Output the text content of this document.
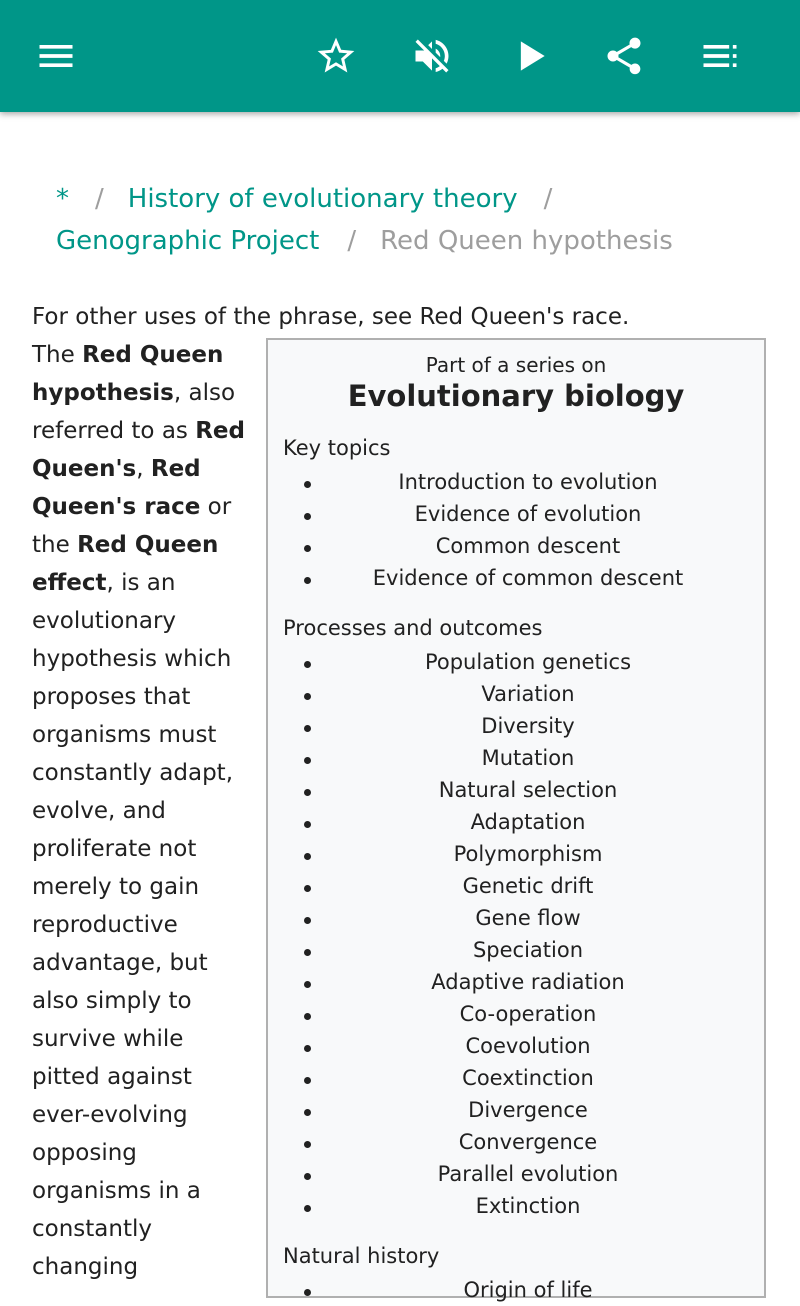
* / History of evolutionary theory /
Genographic Project / Red Queen hypothesis
For other uses of the phrase, see Red Queen's race.
The Red Queen hypothesis, also referred to as Red Queen's, Red Queen's race or the Red Queen effect, is an evolutionary hypothesis which proposes that organisms must constantly adapt, evolve, and proliferate not merely to gain reproductive advantage, but also simply to survive while pitted against ever-evolving opposing organisms in a constantly changing
Part of a series on
Evolutionary biology
Key topics
Introduction to evolution
Evidence of evolution
Common descent
Evidence of common descent
Processes and outcomes
Population genetics
Variation
Diversity
Mutation
Natural selection
Adaptation
Polymorphism
Genetic drift
Gene flow
Speciation
Adaptive radiation
Co-operation
Coevolution
Coextinction
Divergence
Convergence
Parallel evolution
Extinction
Natural history
Origin of life
